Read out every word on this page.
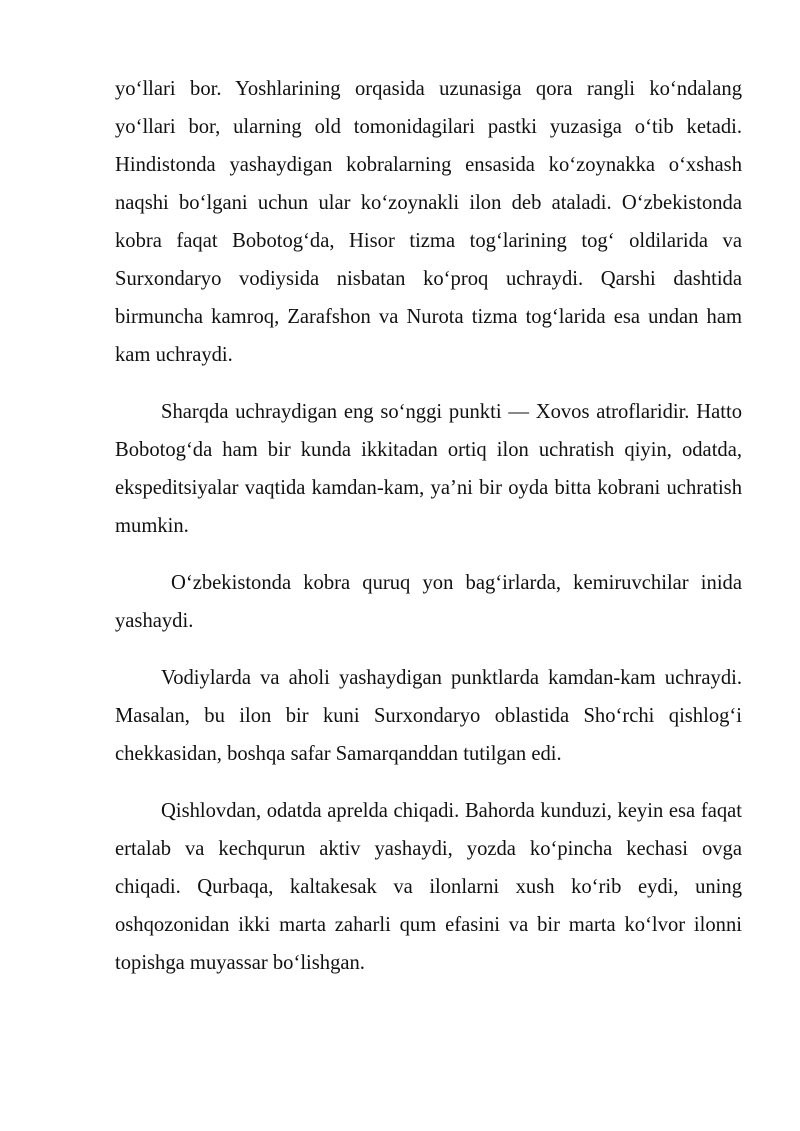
yo‘llari bor. Yoshlarining orqasida uzunasiga qora rangli ko‘ndalang yo‘llari bor, ularning old tomonidagilari pastki yuzasiga o‘tib ketadi. Hindistonda yashaydigan kobralarning ensasida ko‘zoynakka o‘xshash naqshi bo‘lgani uchun ular ko‘zoynakli ilon deb ataladi. O‘zbekistonda kobra faqat Bobotog‘da, Hisor tizma tog‘larining tog‘ oldilarida va Surxondaryo vodiysida nisbatan ko‘proq uchraydi. Qarshi dashtida birmuncha kamroq, Zarafshon va Nurota tizma tog‘larida esa undan ham kam uchraydi.

Sharqda uchraydigan eng so‘nggi punkti — Xovos atroflaridir. Hatto Bobotog‘da ham bir kunda ikkitadan ortiq ilon uchratish qiyin, odatda, ekspeditsiyalar vaqtida kamdan-kam, ya’ni bir oyda bitta kobrani uchratish mumkin.

O‘zbekistonda kobra quruq yon bag‘irlarda, kemiruvchilar inida yashaydi.

Vodiylarda va aholi yashaydigan punktlarda kamdan-kam uchraydi. Masalan, bu ilon bir kuni Surxondaryo oblastida Sho‘rchi qishlog‘i chekkasidan, boshqa safar Samarqanddan tutilgan edi.

Qishlovdan, odatda aprelda chiqadi. Bahorda kunduzi, keyin esa faqat ertalab va kechqurun aktiv yashaydi, yozda ko‘pincha kechasi ovga chiqadi. Qurbaqa, kaltakesak va ilonlarni xush ko‘rib eydi, uning oshqozonidan ikki marta zaharli qum efasini va bir marta ko‘lvor ilonni topishga muyassar bo‘lishgan.
